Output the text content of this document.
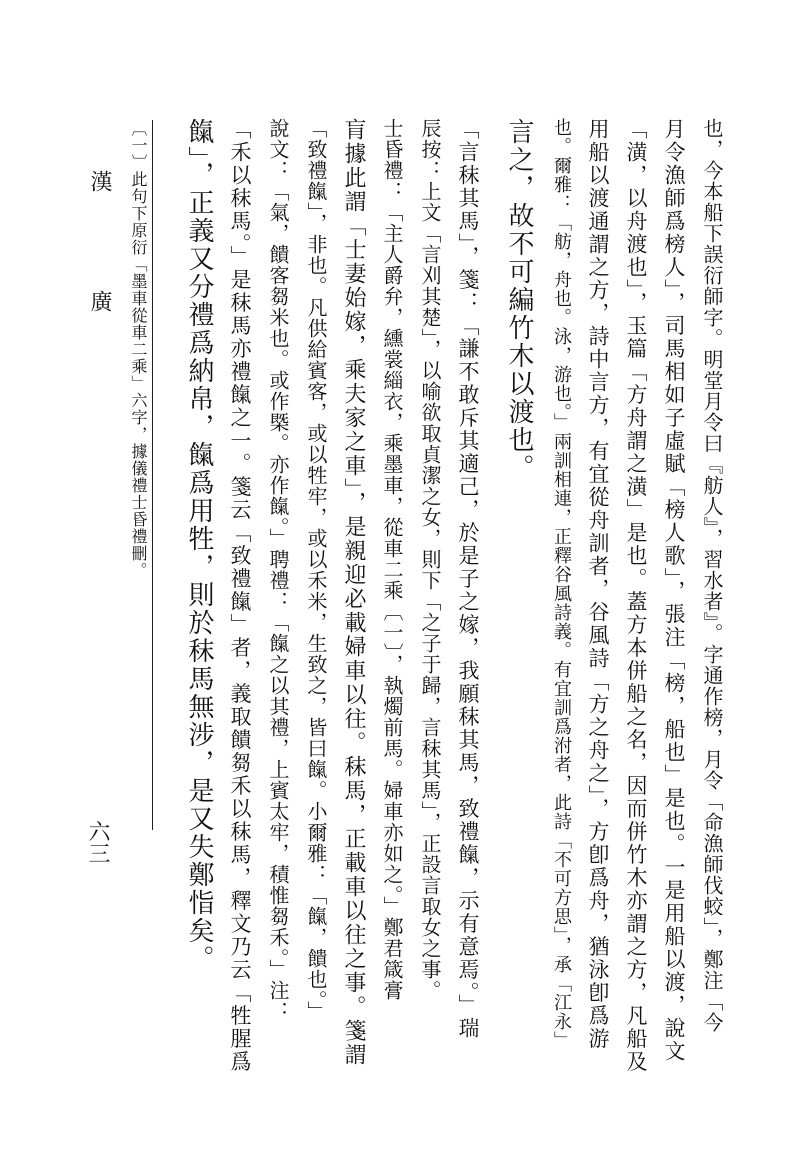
漢
廣
六三	也，今本船下誤衍師字。明堂月令曰『舫人』，習水者』。字通作榜，月令「命漁師伐蛟」，鄭注「今
月令漁師爲榜人」，司馬相如子虛賦「榜人歌」，張注「榜，船也」是也。一是用船以渡，說文
「潢，以舟渡也」，玉篇「方舟謂之潢」是也。蓋方本併船之名，因而併竹木亦謂之方，凡船及
用船以渡通謂之方，詩中言方，有宜從舟訓者，谷風詩「方之舟之」，方卽爲舟，猶泳卽爲游
也。爾雅：「舫，舟也。泳，游也。」兩訓相連，正釋谷風詩義。有宜訓爲泭者，此詩「不可方思」，承「江永」
言之，故不可編竹木以渡也。
「言秣其馬」，箋：「謙不敢斥其適己，於是子之嫁，我願秣其馬，致禮餼，示有意焉。」瑞
辰按：上文「言刈其楚」，以喻欲取貞潔之女，則下「之子于歸，言秣其馬」，正設言取女之事。
士昏禮：「主人爵弁，纁裳緇衣，乘墨車，從車二乘〔一〕，執燭前馬。婦車亦如之。」鄭君箴膏
肓據此謂「士妻始嫁，乘夫家之車」，是親迎必載婦車以往。秣馬，正載車以往之事。箋謂
「致禮餼」，非也。凡供給賓客，或以牲牢，或以禾米，生致之，皆曰餼。小爾雅：「餼，饋也。」
說文：「氣，饋客芻米也。或作槩。亦作餼。」聘禮：「餼之以其禮，上賓太牢，積惟芻禾。」注：
「禾以秣馬。」是秣馬亦禮餼之一。箋云「致禮餼」者，義取饋芻禾以秣馬，釋文乃云「牲腥爲
餼」，正義又分禮爲納帛，餼爲用牲，則於秣馬無涉，是又失鄭恉矣。
〔一〕此句下原衍「墨車從車二乘」六字，據儀禮士昏禮刪。
